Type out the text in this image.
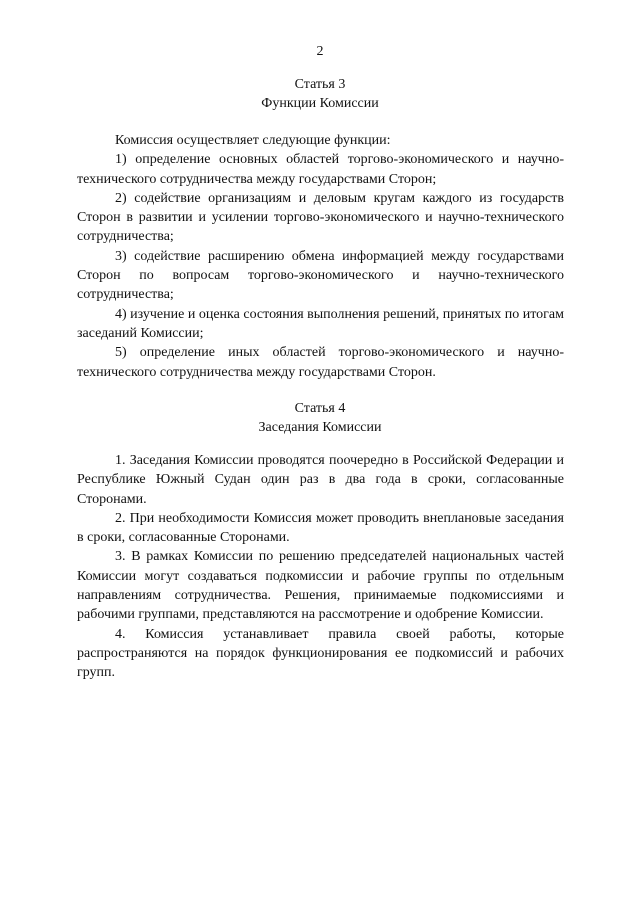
2
Статья 3
Функции Комиссии

Комиссия осуществляет следующие функции:

1) определение основных областей торгово-экономического и научно-технического сотрудничества между государствами Сторон;

2) содействие организациям и деловым кругам каждого из государств Сторон в развитии и усилении торгово-экономического и научно-технического сотрудничества;

3) содействие расширению обмена информацией между государствами Сторон по вопросам торгово-экономического и научно-технического сотрудничества;

4) изучение и оценка состояния выполнения решений, принятых по итогам заседаний Комиссии;

5) определение иных областей торгово-экономического и научно-технического сотрудничества между государствами Сторон.

Статья 4
Заседания Комиссии

1. Заседания Комиссии проводятся поочередно в Российской Федерации и Республике Южный Судан один раз в два года в сроки, согласованные Сторонами.

2. При необходимости Комиссия может проводить внеплановые заседания в сроки, согласованные Сторонами.

3. В рамках Комиссии по решению председателей национальных частей Комиссии могут создаваться подкомиссии и рабочие группы по отдельным направлениям сотрудничества. Решения, принимаемые подкомиссиями и рабочими группами, представляются на рассмотрение и одобрение Комиссии.

4. Комиссия устанавливает правила своей работы, которые распространяются на порядок функционирования ее подкомиссий и рабочих групп.
